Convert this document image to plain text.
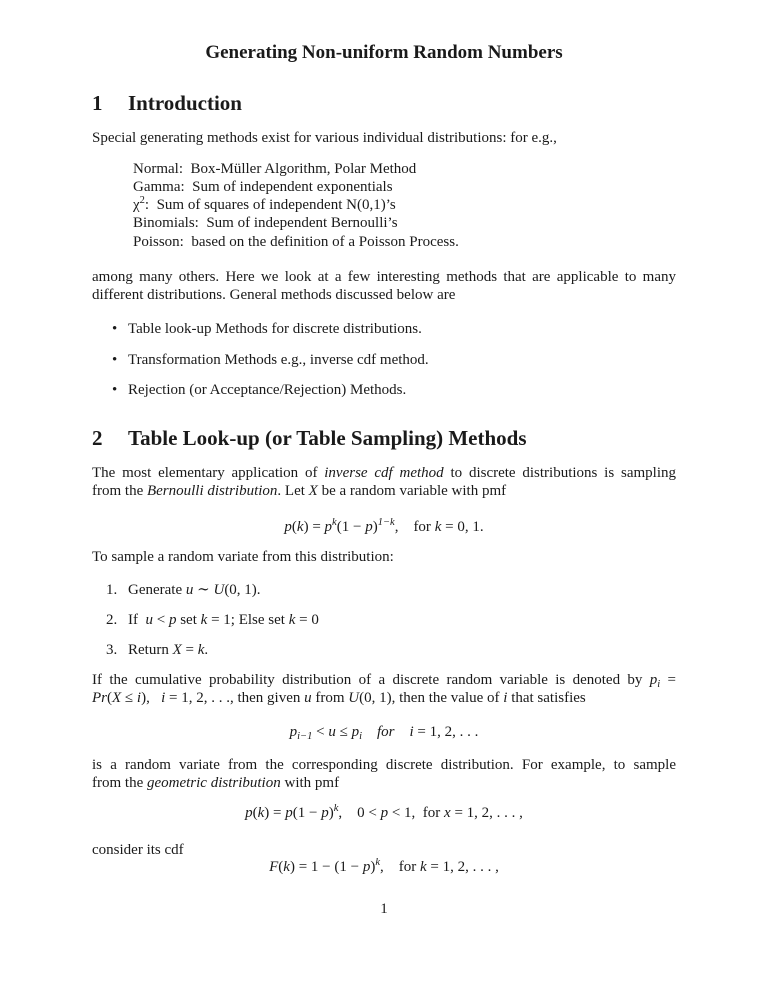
Generating Non-uniform Random Numbers
1 Introduction
Special generating methods exist for various individual distributions: for e.g.,
Normal:  Box-Müller Algorithm, Polar Method
Gamma:  Sum of independent exponentials
$\chi^2$:  Sum of squares of independent N(0,1)’s
Binomials:  Sum of independent Bernoulli’s
Poisson:  based on the definition of a Poisson Process.
among many others. Here we look at a few interesting methods that are applicable to many
different distributions. General methods discussed below are
• Table look-up Methods for discrete distributions.
• Transformation Methods e.g., inverse cdf method.
• Rejection (or Acceptance/Rejection) Methods.
2 Table Look-up (or Table Sampling) Methods
The most elementary application of inverse cdf method to discrete distributions is sampling
from the Bernoulli distribution. Let X be a random variable with pmf
$p(k) = p^k(1 - p)^{1-k}$,    for k = 0, 1.
To sample a random variate from this distribution:
1. Generate u ∼ U(0, 1).
2. If  u < p set k = 1; Else set k = 0
3. Return X = k.
If the cumulative probability distribution of a discrete random variable is denoted by $p_i$ =
Pr(X ≤ i),   i = 1, 2, . . ., then given u from U(0, 1), then the value of i that satisfies
$p_{i-1} < u \le p_i$ for i = 1, 2, . . .
is a random variate from the corresponding discrete distribution. For example, to sample
from the geometric distribution with pmf
$p(k) = p(1 - p)^k$,    0 < p < 1,  for x = 1, 2, . . . ,
consider its cdf
$F(k) = 1 - (1 - p)^k$,    for k = 1, 2, . . . ,
1
